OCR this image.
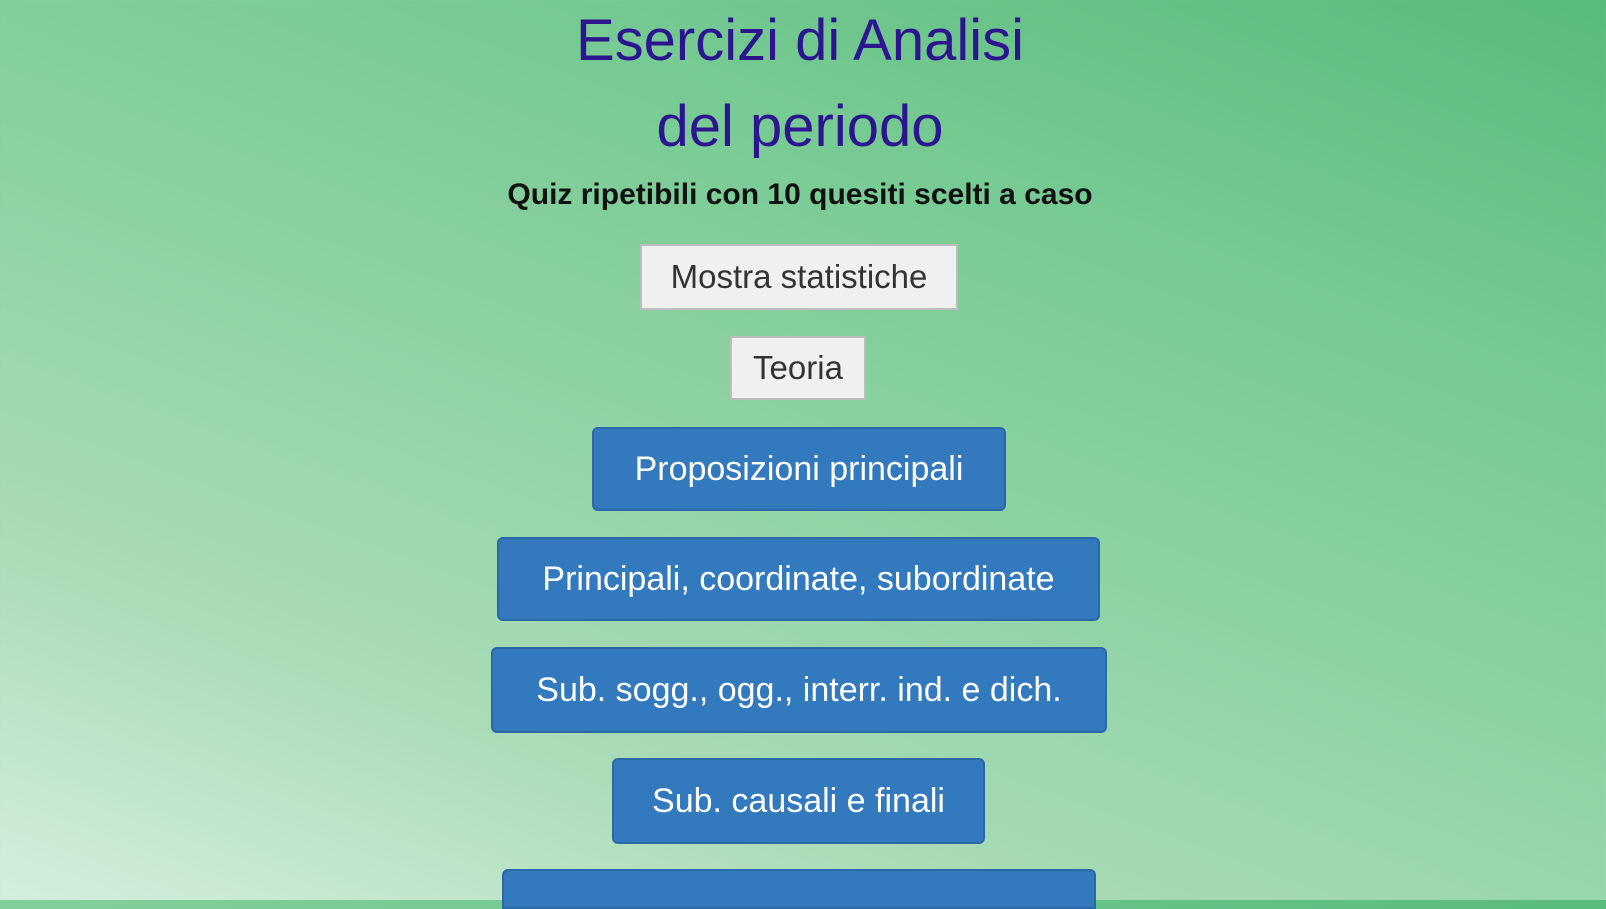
Esercizi di Analisi
del periodo
Quiz ripetibili con 10 quesiti scelti a caso
Mostra statistiche
Teoria
Proposizioni principali
Principali, coordinate, subordinate
Sub. sogg., ogg., interr. ind. e dich.
Sub. causali e finali
